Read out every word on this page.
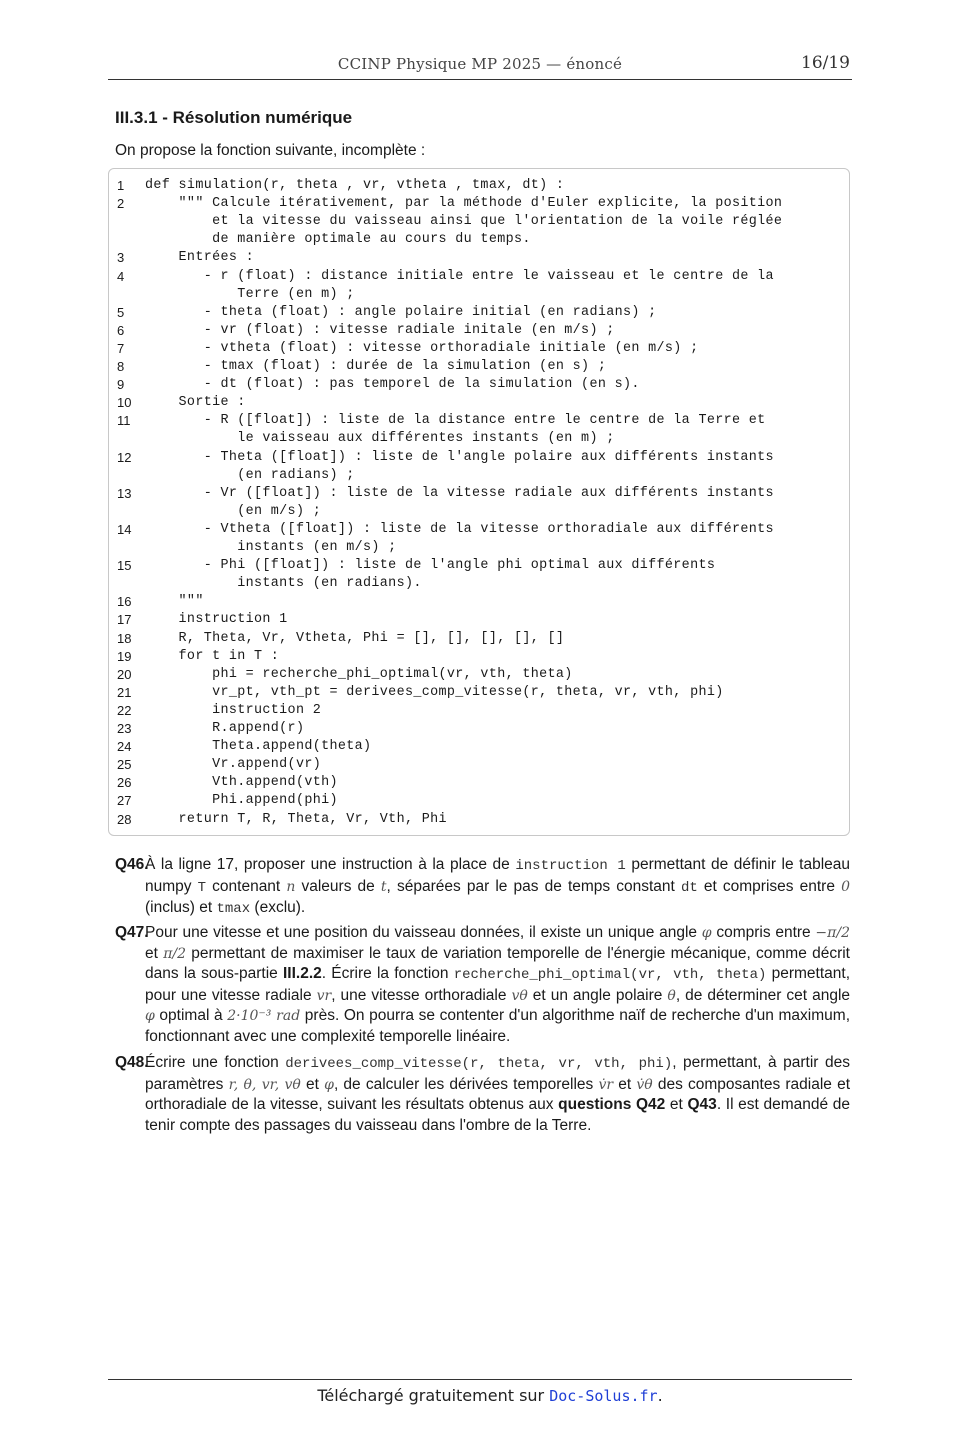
CCINP Physique MP 2025 — énoncé	16/19
III.3.1 - Résolution numérique
On propose la fonction suivante, incomplète :
1	def simulation(r, theta , vr, vtheta , tmax, dt) :
2	""" Calcule itérativement, par la méthode d'Euler explicite, la position
et la vitesse du vaisseau ainsi que l'orientation de la voile réglée
de manière optimale au cours du temps.
3	Entrées :
4	- r (float) : distance initiale entre le vaisseau et le centre de la
Terre (en m) ;
5	- theta (float) : angle polaire initial (en radians) ;
6	- vr (float) : vitesse radiale initale (en m/s) ;
7	- vtheta (float) : vitesse orthoradiale initiale (en m/s) ;
8	- tmax (float) : durée de la simulation (en s) ;
9	- dt (float) : pas temporel de la simulation (en s).
10	Sortie :
11	- R ([float]) : liste de la distance entre le centre de la Terre et
le vaisseau aux différentes instants (en m) ;
12	- Theta ([float]) : liste de l'angle polaire aux différents instants
(en radians) ;
13	- Vr ([float]) : liste de la vitesse radiale aux différents instants
(en m/s) ;
14	- Vtheta ([float]) : liste de la vitesse orthoradiale aux différents
instants (en m/s) ;
15	- Phi ([float]) : liste de l'angle phi optimal aux différents
instants (en radians).
16	"""
17	instruction 1
18	R, Theta, Vr, Vtheta, Phi = [], [], [], [], []
19	for t in T :
20	phi = recherche_phi_optimal(vr, vth, theta)
21	vr_pt, vth_pt = derivees_comp_vitesse(r, theta, vr, vth, phi)
22	instruction 2
23	R.append(r)
24	Theta.append(theta)
25	Vr.append(vr)
26	Vth.append(vth)
27	Phi.append(phi)
28	return T, R, Theta, Vr, Vth, Phi
Q46.
À la ligne 17, proposer une instruction à la place de instruction 1 permettant de définir le tableau numpy T contenant n valeurs de t, séparées par le pas de temps constant dt et comprises entre 0 (inclus) et tmax (exclu).
Q47.
Pour une vitesse et une position du vaisseau données, il existe un unique angle φ compris entre −π/2 et π/2 permettant de maximiser le taux de variation temporelle de l'énergie mécanique, comme décrit dans la sous-partie III.2.2. Écrire la fonction recherche_phi_optimal(vr, vth, theta) permettant, pour une vitesse radiale vr, une vitesse orthoradiale vθ et un angle polaire θ, de déterminer cet angle φ optimal à 2·10⁻³ rad près. On pourra se contenter d'un algorithme naïf de recherche d'un maximum, fonctionnant avec une complexité temporelle linéaire.
Q48.
Écrire une fonction derivees_comp_vitesse(r, theta, vr, vth, phi), permettant, à partir des paramètres r, θ, vr, vθ et φ, de calculer les dérivées temporelles v̇r et v̇θ des composantes radiale et orthoradiale de la vitesse, suivant les résultats obtenus aux questions Q42 et Q43. Il est demandé de tenir compte des passages du vaisseau dans l'ombre de la Terre.
Téléchargé gratuitement sur Doc-Solus.fr.
